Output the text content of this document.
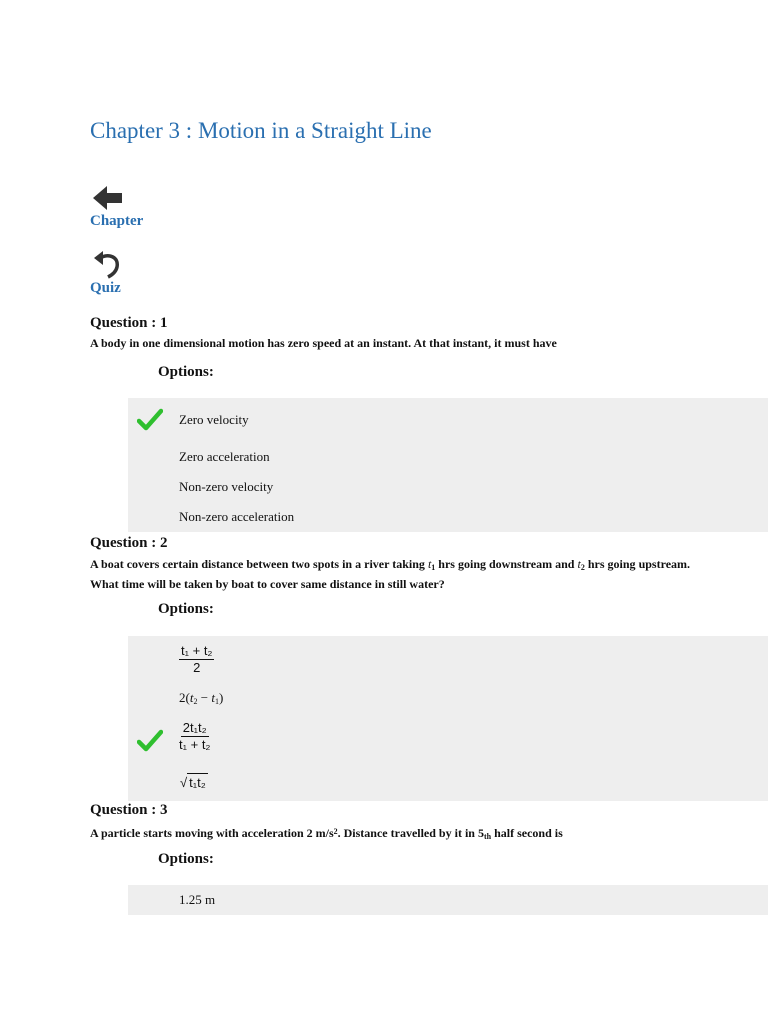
Chapter 3 : Motion in a Straight Line
Chapter
Quiz
Question : 1
A body in one dimensional motion has zero speed at an instant. At that instant, it must have
Options:
Zero velocity
Zero acceleration
Non-zero velocity
Non-zero acceleration
Question : 2
A boat covers certain distance between two spots in a river taking $t_1$ hrs going downstream and $t_2$ hrs going upstream. What time will be taken by boat to cover same distance in still water?
Options:
$\frac{\text{t₁ + t₂}}{2}$
$2(t_2 - t_1)$
$\frac{\text{2t₁t₂}}{\text{t₁ + t₂}}$
√ t₁t₂
Question : 3
A particle starts moving with acceleration 2 $m/s^2$. Distance travelled by it in $5_{th}$ half second is
Options:
1.25 m
